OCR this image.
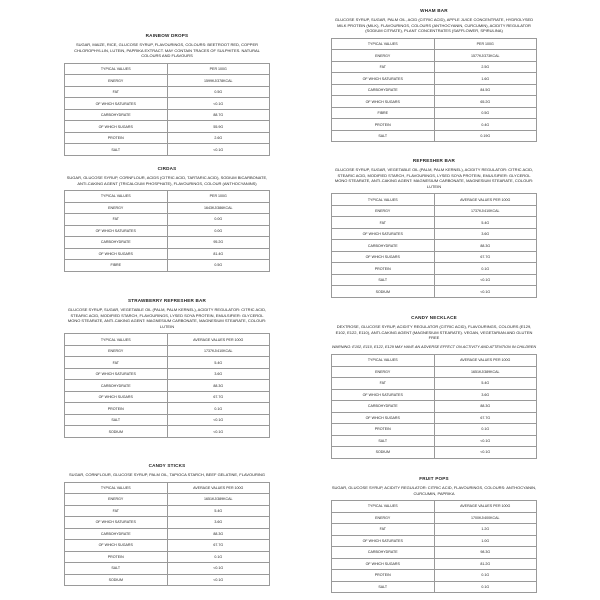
RAINBOW DROPS
SUGAR, MAIZE, RICE, GLUCOSE SYRUP, FLAVOURINGS, COLOURS: BEETROOT RED, COPPER CHLOROPHYLLIN, LUTEIN, PAPRIKA EXTRACT. MAY CONTAIN TRACES OF SULPHITES. NATURAL COLOURS AND FLAVOURS
TYPICAL VALUES	PER 100G
ENERGY	1599KJ/378KCAL
FAT	0.5G
OF WHICH SATURATES	<0.1G
CARBOHYDRATE	88.7G
OF WHICH SUGARS	55.9G
PROTEIN	2.6G
SALT	<0.1G
CIRDAS
SUGAR, GLUCOSE SYRUP, CORNFLOUR, ACIDS (CITRIC ACID, TARTARIC ACID), SODIUM BICARBONATE, ANTI-CAKING AGENT (TRICALCIUM PHOSPHATE), FLAVOURINGS, COLOUR (ANTHOCYANINS)
TYPICAL VALUES	PER 100G
ENERGY	1643KJ/386KCAL
FAT	0.0G
OF WHICH SATURATES	0.0G
CARBOHYDRATE	95.2G
OF WHICH SUGARS	81.4G
FIBRE	0.5G
STRAWBERRY REFRESHER BAR
GLUCOSE SYRUP, SUGAR, VEGETABLE OIL (PALM, PALM KERNEL), ACIDITY REGULATOR: CITRIC ACID, STEARIC ACID, MODIFIED STARCH, FLAVOURINGS, LYSED SOYA PROTEIN, EMULSIFIER: GLYCEROL MONO STEARATE, ANTI-CAKING AGENT: MAGNESIUM CARBONATE, MAGNESIUM STEARATE, COLOUR: LUTEIN
TYPICAL VALUES	AVERAGE VALUES PER 100G
ENERGY	1737KJ/410KCAL
FAT	5.4G
OF WHICH SATURATES	3.6G
CARBOHYDRATE	88.3G
OF WHICH SUGARS	67.7G
PROTEIN	0.1G
SALT	<0.1G
SODIUM	<0.1G
CANDY STICKS
SUGAR, CORNFLOUR, GLUCOSE SYRUP, PALM OIL, TAPIOCA STARCH, BEEF GELATINE, FLAVOURING
TYPICAL VALUES	AVERAGE VALUES PER 100G
ENERGY	1651KJ/389KCAL
FAT	5.4G
OF WHICH SATURATES	3.6G
CARBOHYDRATE	88.3G
OF WHICH SUGARS	67.7G
PROTEIN	0.1G
SALT	<0.1G
SODIUM	<0.1G
WHAM BAR
GLUCOSE SYRUP, SUGAR, PALM OIL, ACID (CITRIC ACID), APPLE JUICE CONCENTRATE, HYDROLYSED MILK PROTEIN (MILK), FLAVOURINGS, COLOURS (ANTHOCYANIN, CURCUMIN), ACIDITY REGULATOR (SODIUM CITRATE), PLANT CONCENTRATES (SAFFLOWER, SPIRULINA)
TYPICAL VALUES	PER 100G
ENERGY	1577KJ/373KCAL
FAT	2.5G
OF WHICH SATURATES	1.6G
CARBOHYDRATE	84.5G
OF WHICH SUGARS	65.2G
FIBRE	0.5G
PROTEIN	0.4G
SALT	0.19G
REFRESHER BAR
GLUCOSE SYRUP, SUGAR, VEGETABLE OIL (PALM, PALM KERNEL), ACIDITY REGULATOR: CITRIC ACID, STEARIC ACID, MODIFIED STARCH, FLAVOURINGS, LYSED SOYA PROTEIN, EMULSIFIER: GLYCEROL MONO STEARATE, ANTI-CAKING AGENT: MAGNESIUM CARBONATE, MAGNESIUM STEARATE, COLOUR: LUTEIN
TYPICAL VALUES	AVERAGE VALUES PER 100G
ENERGY	1737KJ/410KCAL
FAT	5.4G
OF WHICH SATURATES	3.6G
CARBOHYDRATE	88.3G
OF WHICH SUGARS	67.7G
PROTEIN	0.1G
SALT	<0.1G
SODIUM	<0.1G
CANDY NECKLACE
DEXTROSE, GLUCOSE SYRUP, ACIDITY REGULATOR (CITRIC ACID), FLAVOURINGS, COLOURS (E129, E102, E122, E110), ANTI-CAKING AGENT (MAGNESIUM STEARATE). VEGAN, VEGETARIAN AND GLUTEN FREE
WARNING: E102, E110, E122, E129 MAY HAVE AN ADVERSE EFFECT ON ACTIVITY AND ATTENTION IN CHILDREN
TYPICAL VALUES	AVERAGE VALUES PER 100G
ENERGY	1651KJ/389KCAL
FAT	5.4G
OF WHICH SATURATES	3.6G
CARBOHYDRATE	88.3G
OF WHICH SUGARS	67.7G
PROTEIN	0.1G
SALT	<0.1G
SODIUM	<0.1G
FRUIT POPS
SUGAR, GLUCOSE SYRUP, ACIDITY REGULATOR: CITRIC ACID, FLAVOURINGS, COLOURS: ANTHOCYANIN, CURCUMIN, PAPRIKA
TYPICAL VALUES	AVERAGE VALUES PER 100G
ENERGY	1700KJ/400KCAL
FAT	1.2G
OF WHICH SATURATES	1.0G
CARBOHYDRATE	98.3G
OF WHICH SUGARS	81.2G
PROTEIN	0.1G
SALT	0.1G
